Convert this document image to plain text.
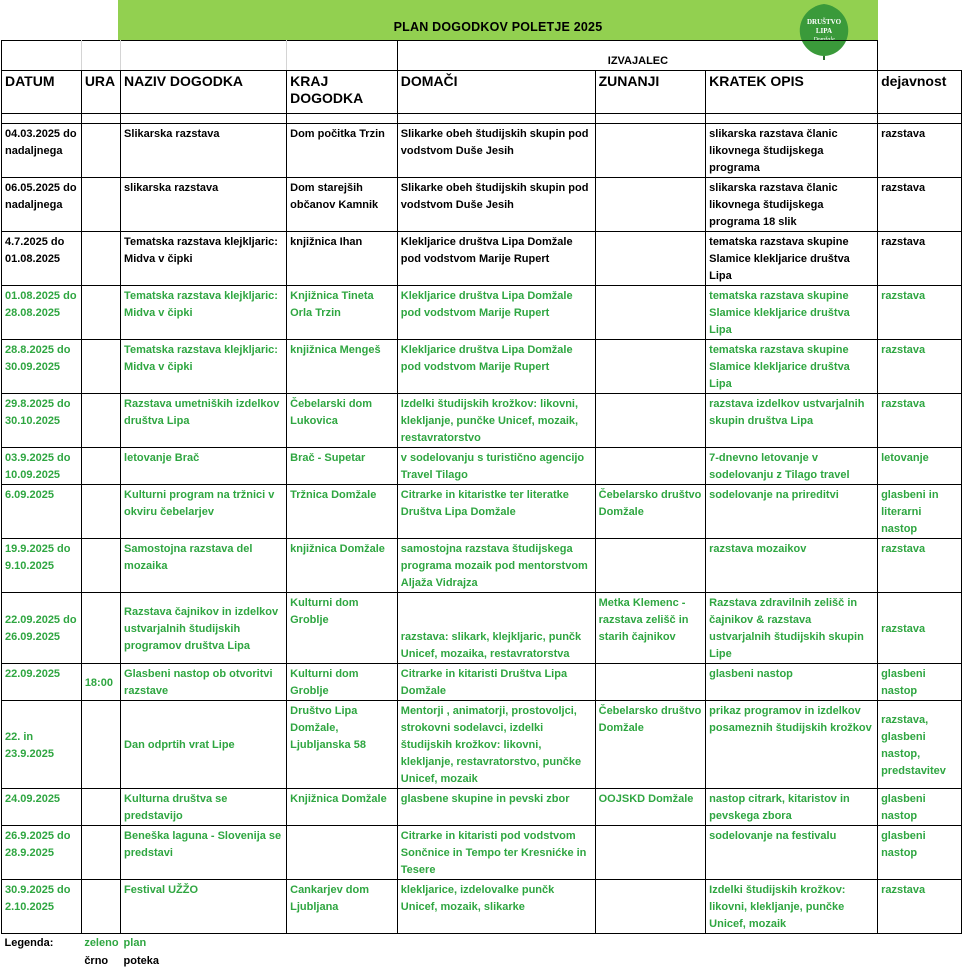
PLAN DOGODKOV POLETJE 2025	DRUŠTVO
LIPA
Domžale
				IZVAJALEC			
DATUM	URA	NAZIV DOGODKA	KRAJ DOGODKA	DOMAČI	ZUNANJI	KRATEK OPIS	dejavnost

04.03.2025 do nadaljnega		Slikarska razstava	Dom počitka Trzin	Slikarke obeh študijskih skupin pod vodstvom Duše Jesih		slikarska razstava članic likovnega študijskega programa	razstava
06.05.2025 do nadaljnega		slikarska razstava	Dom starejših občanov Kamnik	Slikarke obeh študijskih skupin pod vodstvom Duše Jesih		slikarska razstava članic likovnega študijskega programa 18 slik	razstava
4.7.2025 do 01.08.2025		Tematska razstava klejkljaric: Midva v čipki	knjižnica Ihan	Klekljarice društva Lipa Domžale pod vodstvom Marije Rupert		tematska razstava skupine Slamice klekljarice društva Lipa	razstava
01.08.2025 do 28.08.2025		Tematska razstava klejkljaric: Midva v čipki	Knjižnica Tineta Orla Trzin	Klekljarice društva Lipa Domžale pod vodstvom Marije Rupert		tematska razstava skupine Slamice klekljarice društva Lipa	razstava
28.8.2025 do 30.09.2025		Tematska razstava klejkljaric: Midva v čipki	knjižnica Mengeš	Klekljarice društva Lipa Domžale pod vodstvom Marije Rupert		tematska razstava skupine Slamice klekljarice društva Lipa	razstava
29.8.2025 do 30.10.2025		Razstava umetniških izdelkov društva Lipa	Čebelarski dom Lukovica	Izdelki študijskih krožkov: likovni, klekljanje, punčke Unicef, mozaik, restavratorstvo		razstava izdelkov ustvarjalnih skupin društva Lipa	razstava
03.9.2025 do 10.09.2025		letovanje Brač	Brač - Supetar	v sodelovanju s turistično agencijo Travel Tilago		7-dnevno letovanje v sodelovanju z Tilago travel	letovanje
6.09.2025		Kulturni program na tržnici v okviru čebelarjev	Tržnica Domžale	Citrarke in kitaristke ter literatke Društva Lipa Domžale	Čebelarsko društvo Domžale	sodelovanje na prireditvi	glasbeni in literarni nastop
19.9.2025 do 9.10.2025		Samostojna razstava del mozaika	knjižnica Domžale	samostojna razstava študijskega programa mozaik pod mentorstvom Aljaža Vidrajza		razstava mozaikov	razstava
22.09.2025 do 26.09.2025		Razstava čajnikov in izdelkov ustvarjalnih študijskih programov društva Lipa	Kulturni dom Groblje	razstava: slikark, klejkljaric, punčk Unicef, mozaika, restavratorstva	Metka Klemenc - razstava zelišč in starih čajnikov	Razstava zdravilnih zelišč in čajnikov & razstava ustvarjalnih študijskih skupin Lipe	razstava
22.09.2025	18:00	Glasbeni nastop ob otvoritvi razstave	Kulturni dom Groblje	Citrarke in kitaristi Društva Lipa Domžale		glasbeni nastop	glasbeni nastop
22. in 23.9.2025		Dan odprtih vrat Lipe	Društvo Lipa Domžale, Ljubljanska 58	Mentorji , animatorji, prostovoljci, strokovni sodelavci, izdelki študijskih krožkov: likovni, klekljanje, restavratorstvo, punčke Unicef, mozaik	Čebelarsko društvo Domžale	prikaz programov in izdelkov posameznih študijskih krožkov	razstava, glasbeni nastop, predstavitev
24.09.2025		Kulturna društva se predstavijo	Knjižnica Domžale	glasbene skupine in pevski zbor	OOJSKD Domžale	nastop citrark, kitaristov in pevskega zbora	glasbeni nastop
26.9.2025 do 28.9.2025		Beneška laguna - Slovenija se predstavi		Citrarke in kitaristi pod vodstvom Sončnice in Tempo ter Kresnićke in Tesere		sodelovanje na festivalu	glasbeni nastop
30.9.2025 do 2.10.2025		Festival UŽŽO	Cankarjev dom Ljubljana	klekljarice, izdelovalke punčk Unicef, mozaik, slikarke		Izdelki študijskih krožkov: likovni, klekljanje, punčke Unicef, mozaik	razstava
Legenda:	zeleno	plan					
	črno	poteka					
